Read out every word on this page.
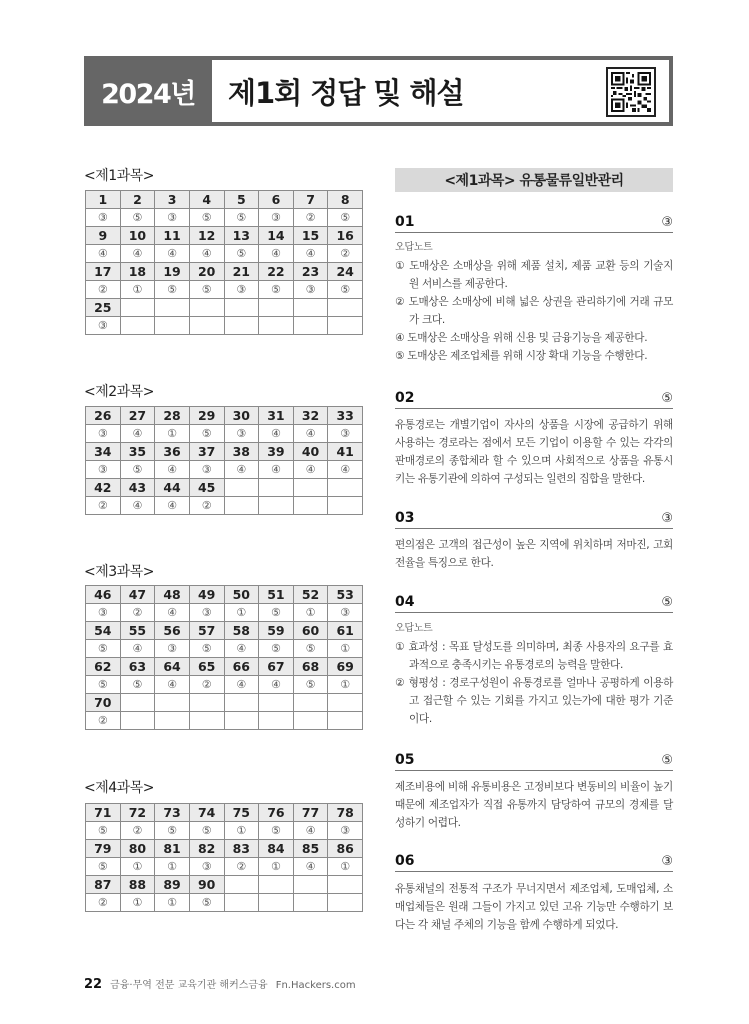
2024년	제1회 정답 및 해설
<제1과목>
1	2	3	4	5	6	7	8
③	⑤	③	⑤	⑤	③	②	⑤
9	10	11	12	13	14	15	16
④	④	④	④	⑤	④	④	②
17	18	19	20	21	22	23	24
②	①	⑤	⑤	③	⑤	③	⑤
25							
③							
<제2과목>
26	27	28	29	30	31	32	33
③	④	①	⑤	③	④	④	③
34	35	36	37	38	39	40	41
③	⑤	④	③	④	④	④	④
42	43	44	45				
②	④	④	②				
<제3과목>
46	47	48	49	50	51	52	53
③	②	④	③	①	⑤	①	③
54	55	56	57	58	59	60	61
⑤	④	③	⑤	④	⑤	⑤	①
62	63	64	65	66	67	68	69
⑤	⑤	④	②	④	④	⑤	①
70							
②							
<제4과목>
71	72	73	74	75	76	77	78
⑤	②	⑤	⑤	①	⑤	④	③
79	80	81	82	83	84	85	86
⑤	①	①	③	②	①	④	①
87	88	89	90				
②	①	①	⑤				
<제1과목> 유통물류일반관리
01	③
오답노트
① 도매상은 소매상을 위해 제품 설치, 제품 교환 등의 기술지원 서비스를 제공한다.
② 도매상은 소매상에 비해 넓은 상권을 관리하기에 거래 규모가 크다.
④ 도매상은 소매상을 위해 신용 및 금융기능을 제공한다.
⑤ 도매상은 제조업체를 위해 시장 확대 기능을 수행한다.
02	⑤
유통경로는 개별기업이 자사의 상품을 시장에 공급하기 위해 사용하는 경로라는 점에서 모든 기업이 이용할 수 있는 각각의 판매경로의 종합체라 할 수 있으며 사회적으로 상품을 유통시키는 유통기관에 의하여 구성되는 일련의 집합을 말한다.
03	③
편의점은 고객의 접근성이 높은 지역에 위치하며 저마진, 고회전율을 특징으로 한다.
04	⑤
오답노트
① 효과성 : 목표 달성도를 의미하며, 최종 사용자의 요구를 효과적으로 충족시키는 유통경로의 능력을 말한다.
② 형평성 : 경로구성원이 유통경로를 얼마나 공평하게 이용하고 접근할 수 있는 기회를 가지고 있는가에 대한 평가 기준이다.
05	⑤
제조비용에 비해 유통비용은 고정비보다 변동비의 비율이 높기 때문에 제조업자가 직접 유통까지 담당하여 규모의 경제를 달성하기 어렵다.
06	③
유통채널의 전통적 구조가 무너지면서 제조업체, 도매업체, 소매업체들은 원래 그들이 가지고 있던 고유 기능만 수행하기 보다는 각 채널 주체의 기능을 함께 수행하게 되었다.
22 금융·무역 전문 교육기관 해커스금융 Fn.Hackers.com
